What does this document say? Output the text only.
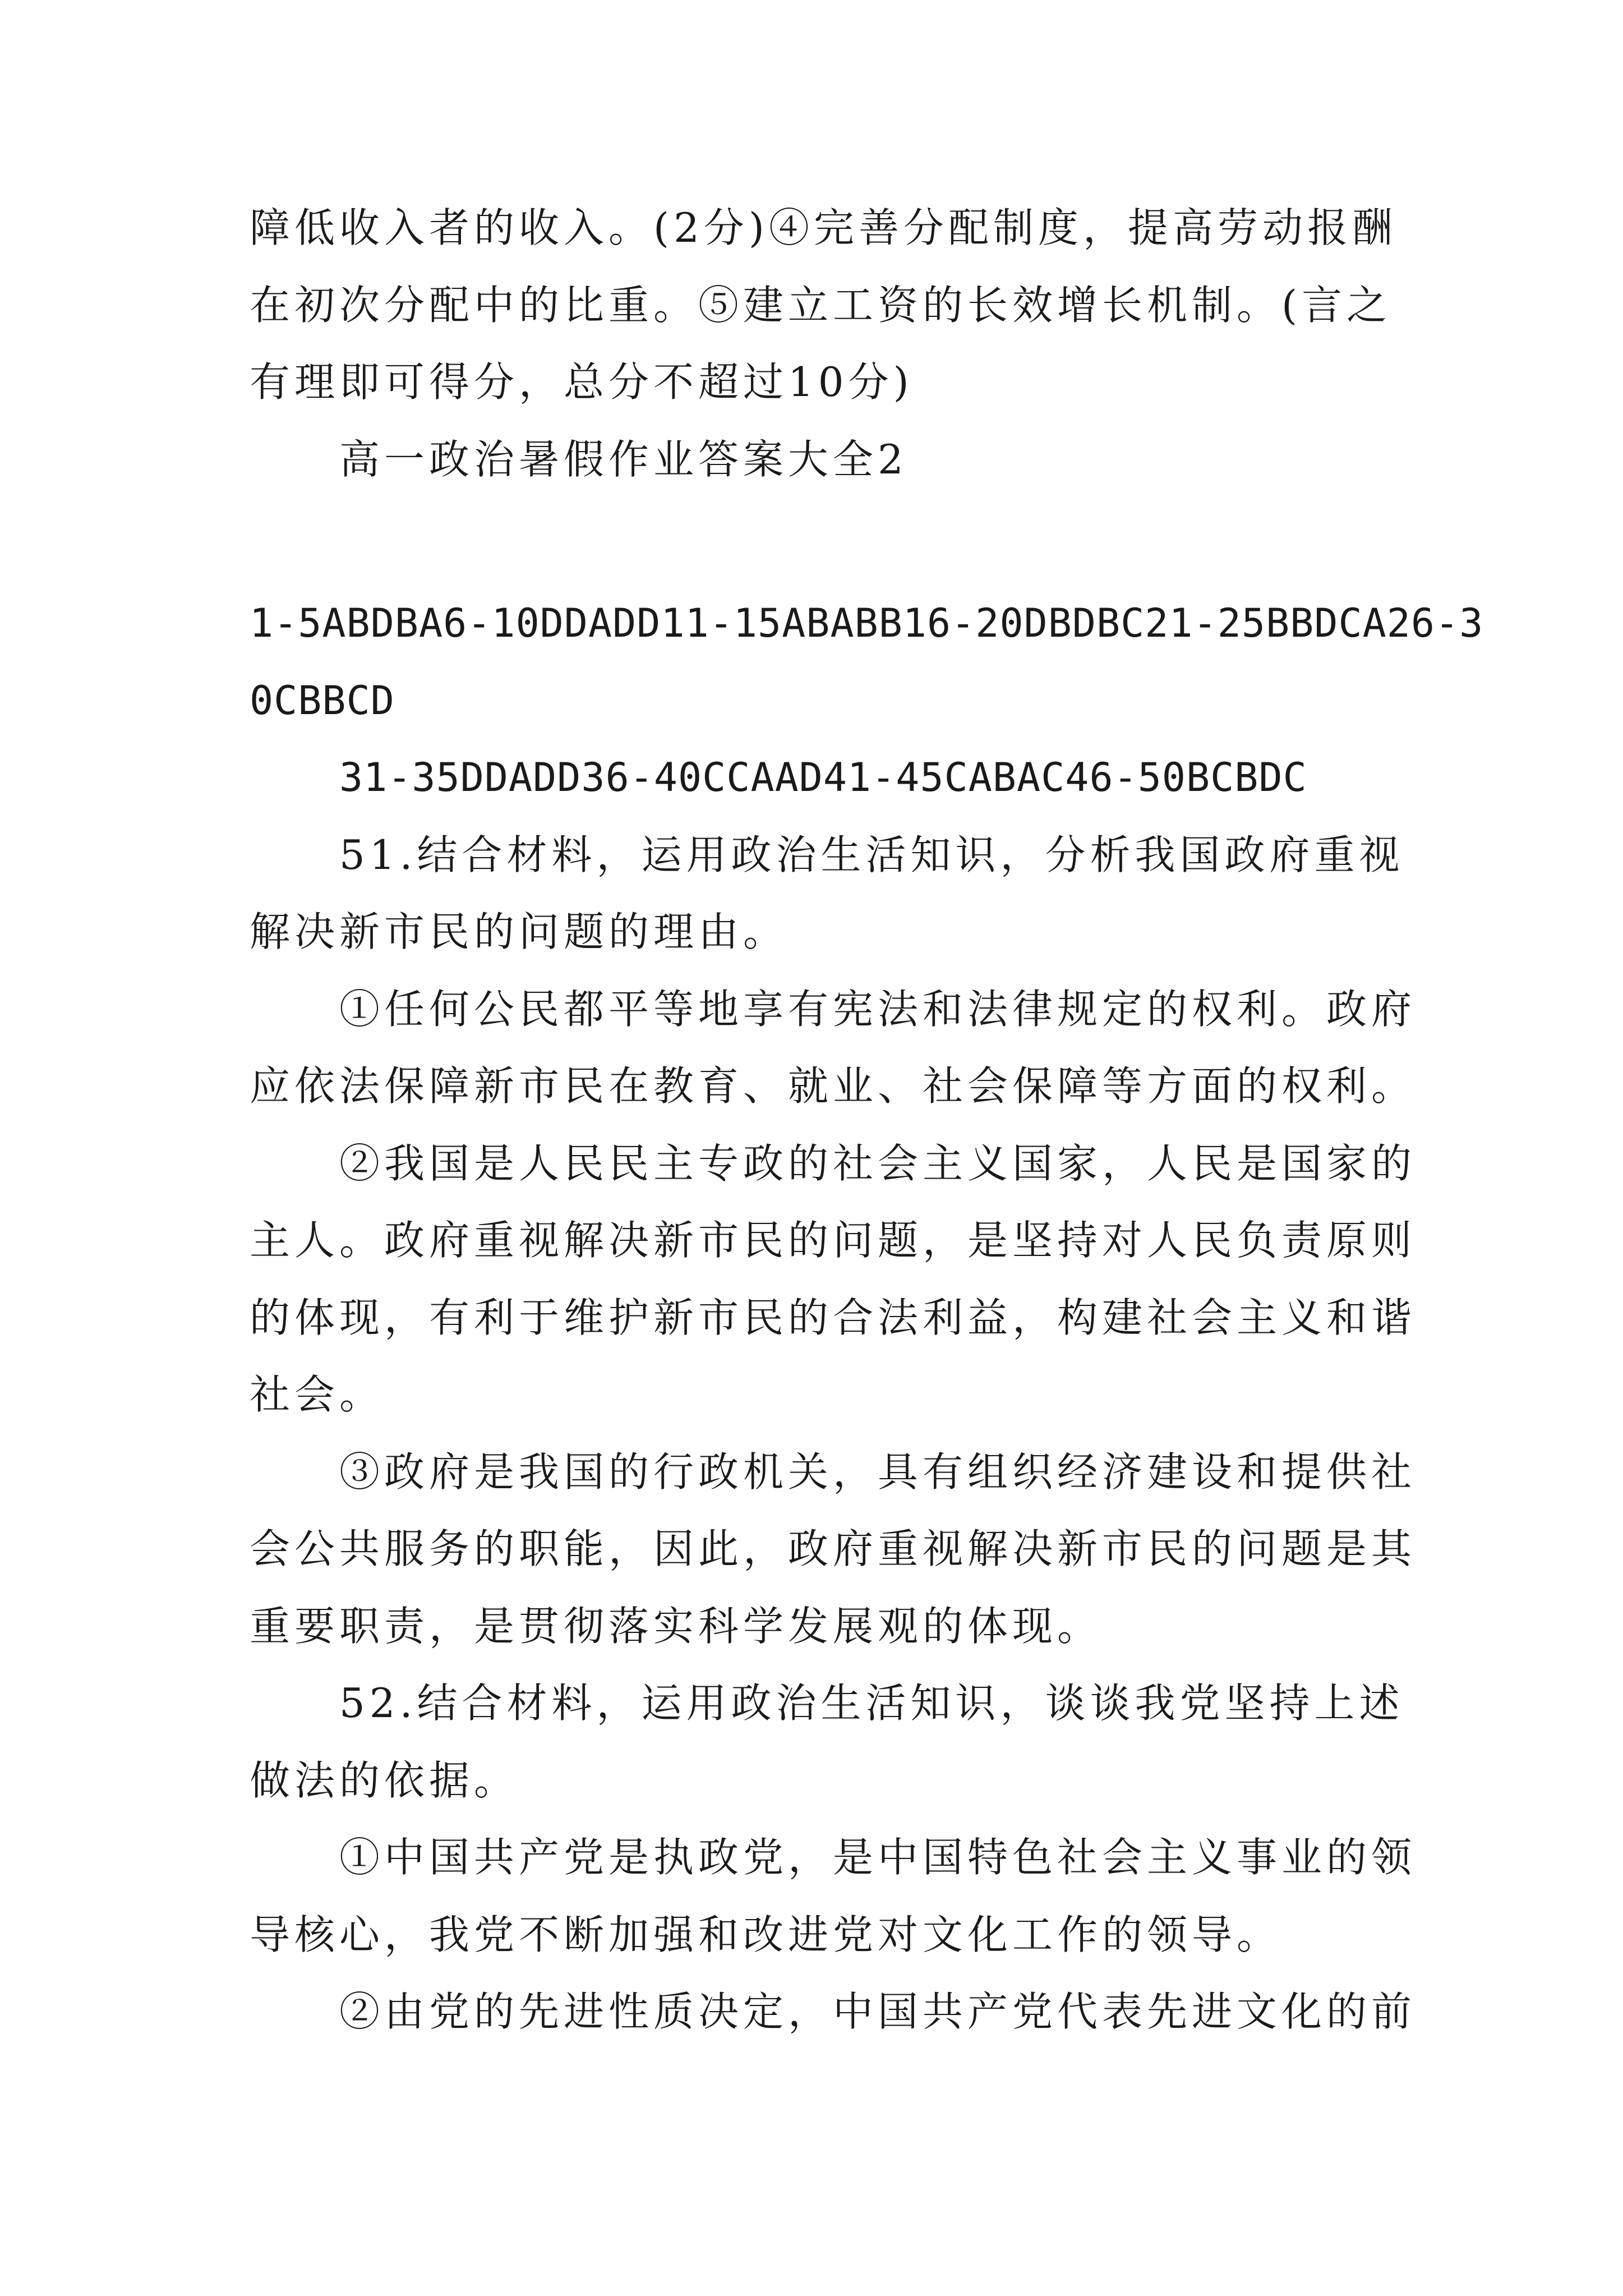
障低收入者的收入。(2分)④完善分配制度，提高劳动报酬

在初次分配中的比重。⑤建立工资的长效增长机制。(言之

有理即可得分，总分不超过10分)

高一政治暑假作业答案大全2

1-5ABDBA6-10DDADD11-15ABABB16-20DBDBC21-25BBDCA26-3

0CBBCD

31-35DDADD36-40CCAAD41-45CABAC46-50BCBDC

51.结合材料，运用政治生活知识，分析我国政府重视

解决新市民的问题的理由。

①任何公民都平等地享有宪法和法律规定的权利。政府

应依法保障新市民在教育、就业、社会保障等方面的权利。

②我国是人民民主专政的社会主义国家，人民是国家的

主人。政府重视解决新市民的问题，是坚持对人民负责原则

的体现，有利于维护新市民的合法利益，构建社会主义和谐

社会。

③政府是我国的行政机关，具有组织经济建设和提供社

会公共服务的职能，因此，政府重视解决新市民的问题是其

重要职责，是贯彻落实科学发展观的体现。

52.结合材料，运用政治生活知识，谈谈我党坚持上述

做法的依据。

①中国共产党是执政党，是中国特色社会主义事业的领

导核心，我党不断加强和改进党对文化工作的领导。

②由党的先进性质决定，中国共产党代表先进文化的前
